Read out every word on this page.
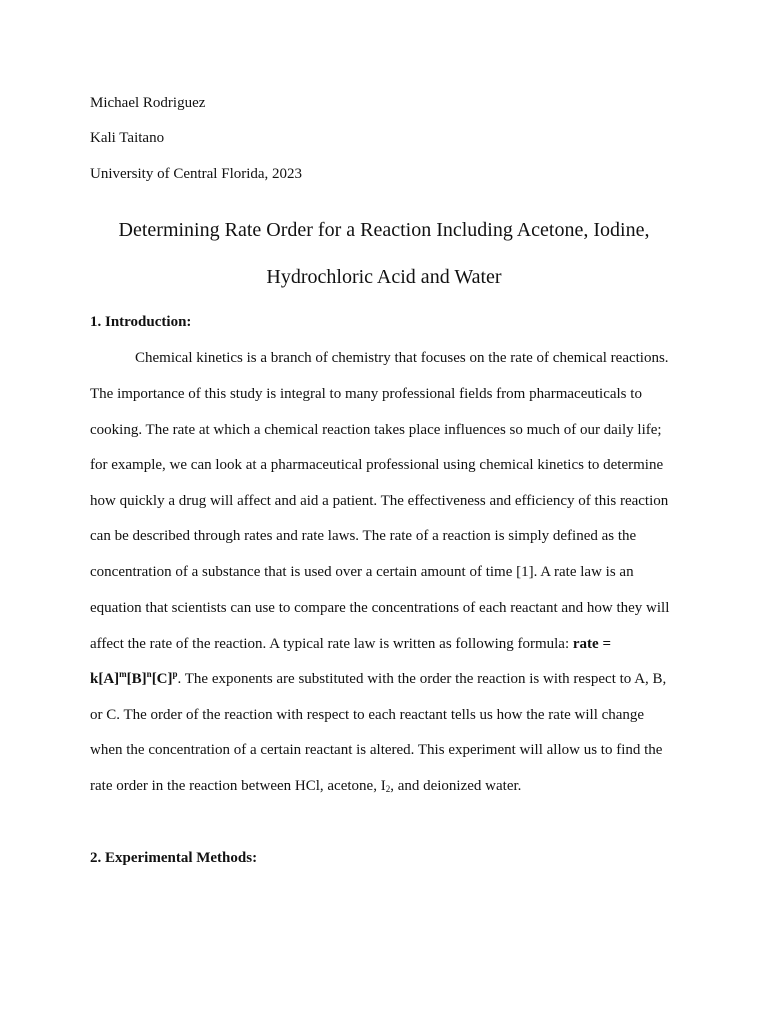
Michael Rodriguez
Kali Taitano
University of Central Florida, 2023
Determining Rate Order for a Reaction Including Acetone, Iodine,
Hydrochloric Acid and Water
1. Introduction:
Chemical kinetics is a branch of chemistry that focuses on the rate of chemical reactions.
The importance of this study is integral to many professional fields from pharmaceuticals to
cooking. The rate at which a chemical reaction takes place influences so much of our daily life;
for example, we can look at a pharmaceutical professional using chemical kinetics to determine
how quickly a drug will affect and aid a patient. The effectiveness and efficiency of this reaction
can be described through rates and rate laws. The rate of a reaction is simply defined as the
concentration of a substance that is used over a certain amount of time [1]. A rate law is an
equation that scientists can use to compare the concentrations of each reactant and how they will
affect the rate of the reaction. A typical rate law is written as following formula: rate =
$k[A]^m[B]^n[C]^p$. The exponents are substituted with the order the reaction is with respect to A, B,
or C. The order of the reaction with respect to each reactant tells us how the rate will change
when the concentration of a certain reactant is altered. This experiment will allow us to find the
rate order in the reaction between HCl, acetone, $I_2$, and deionized water.
2. Experimental Methods:
